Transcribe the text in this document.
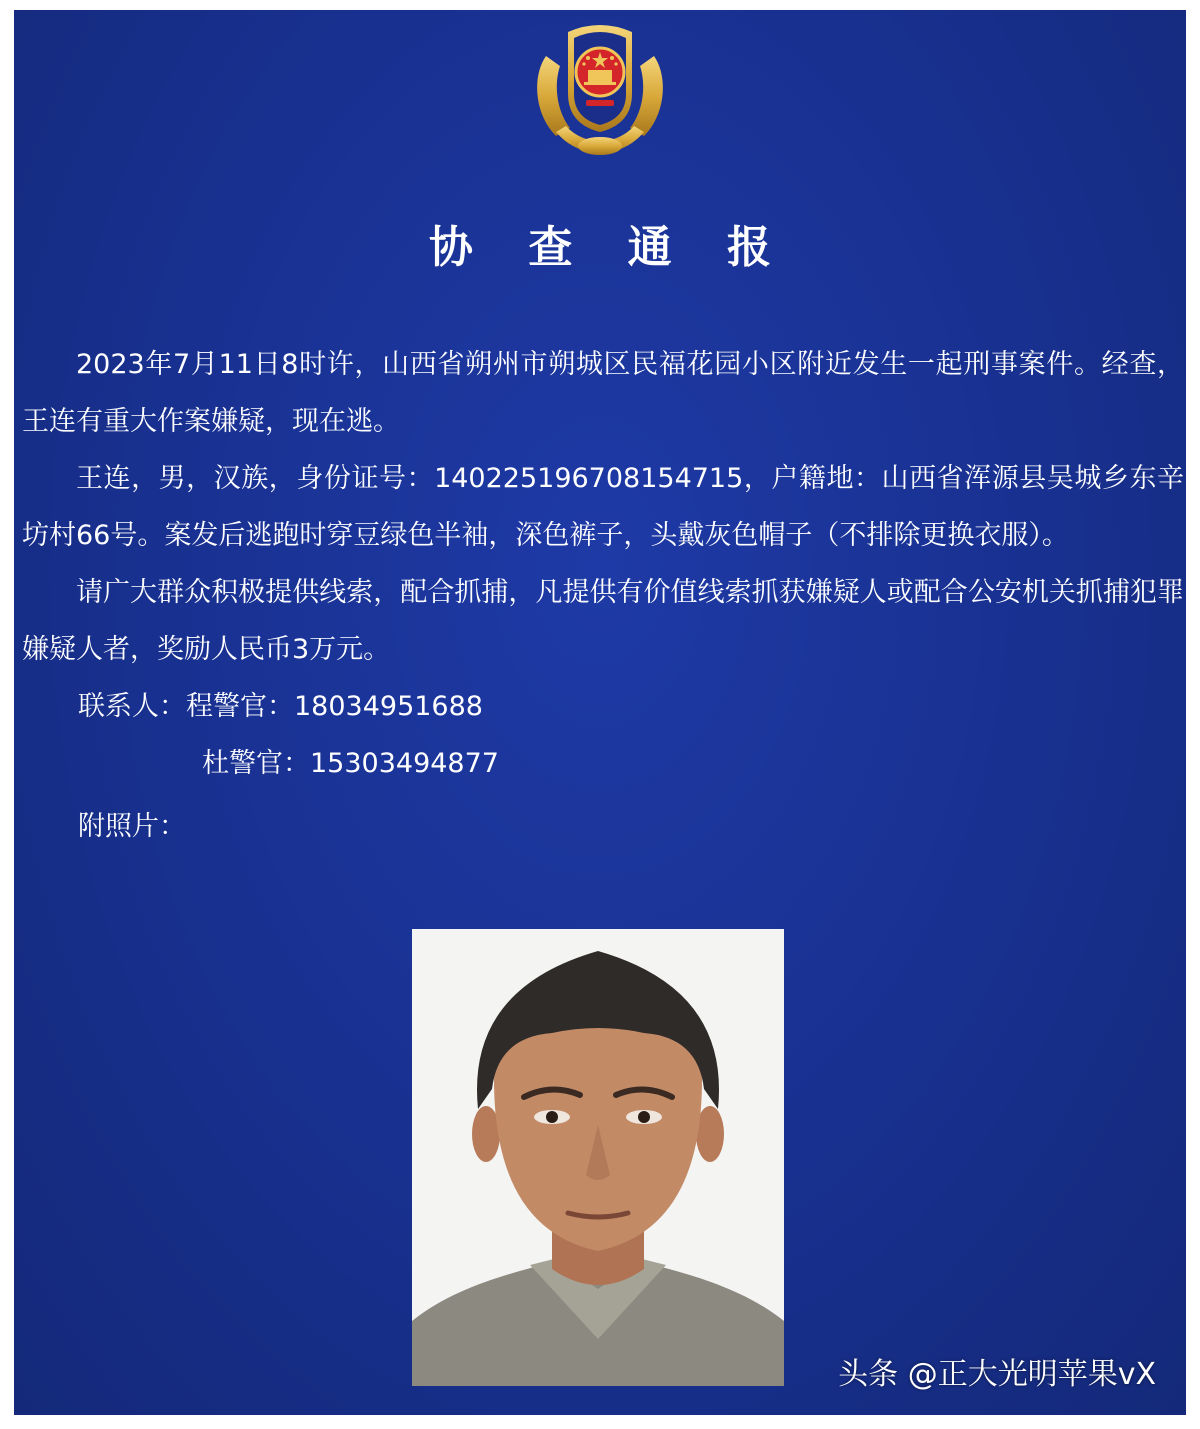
协 查 通 报

2023年7月11日8时许，山西省朔州市朔城区民福花园小区附近发生一起刑事案件。经查，王连有重大作案嫌疑，现在逃。

王连，男，汉族，身份证号：140225196708154715，户籍地：山西省浑源县吴城乡东辛坊村66号。案发后逃跑时穿豆绿色半袖，深色裤子，头戴灰色帽子（不排除更换衣服）。

请广大群众积极提供线索，配合抓捕，凡提供有价值线索抓获嫌疑人或配合公安机关抓捕犯罪嫌疑人者，奖励人民币3万元。

联系人：程警官：18034951688
杜警官：15303494877
附照片：
头条 @正大光明苹果vX
